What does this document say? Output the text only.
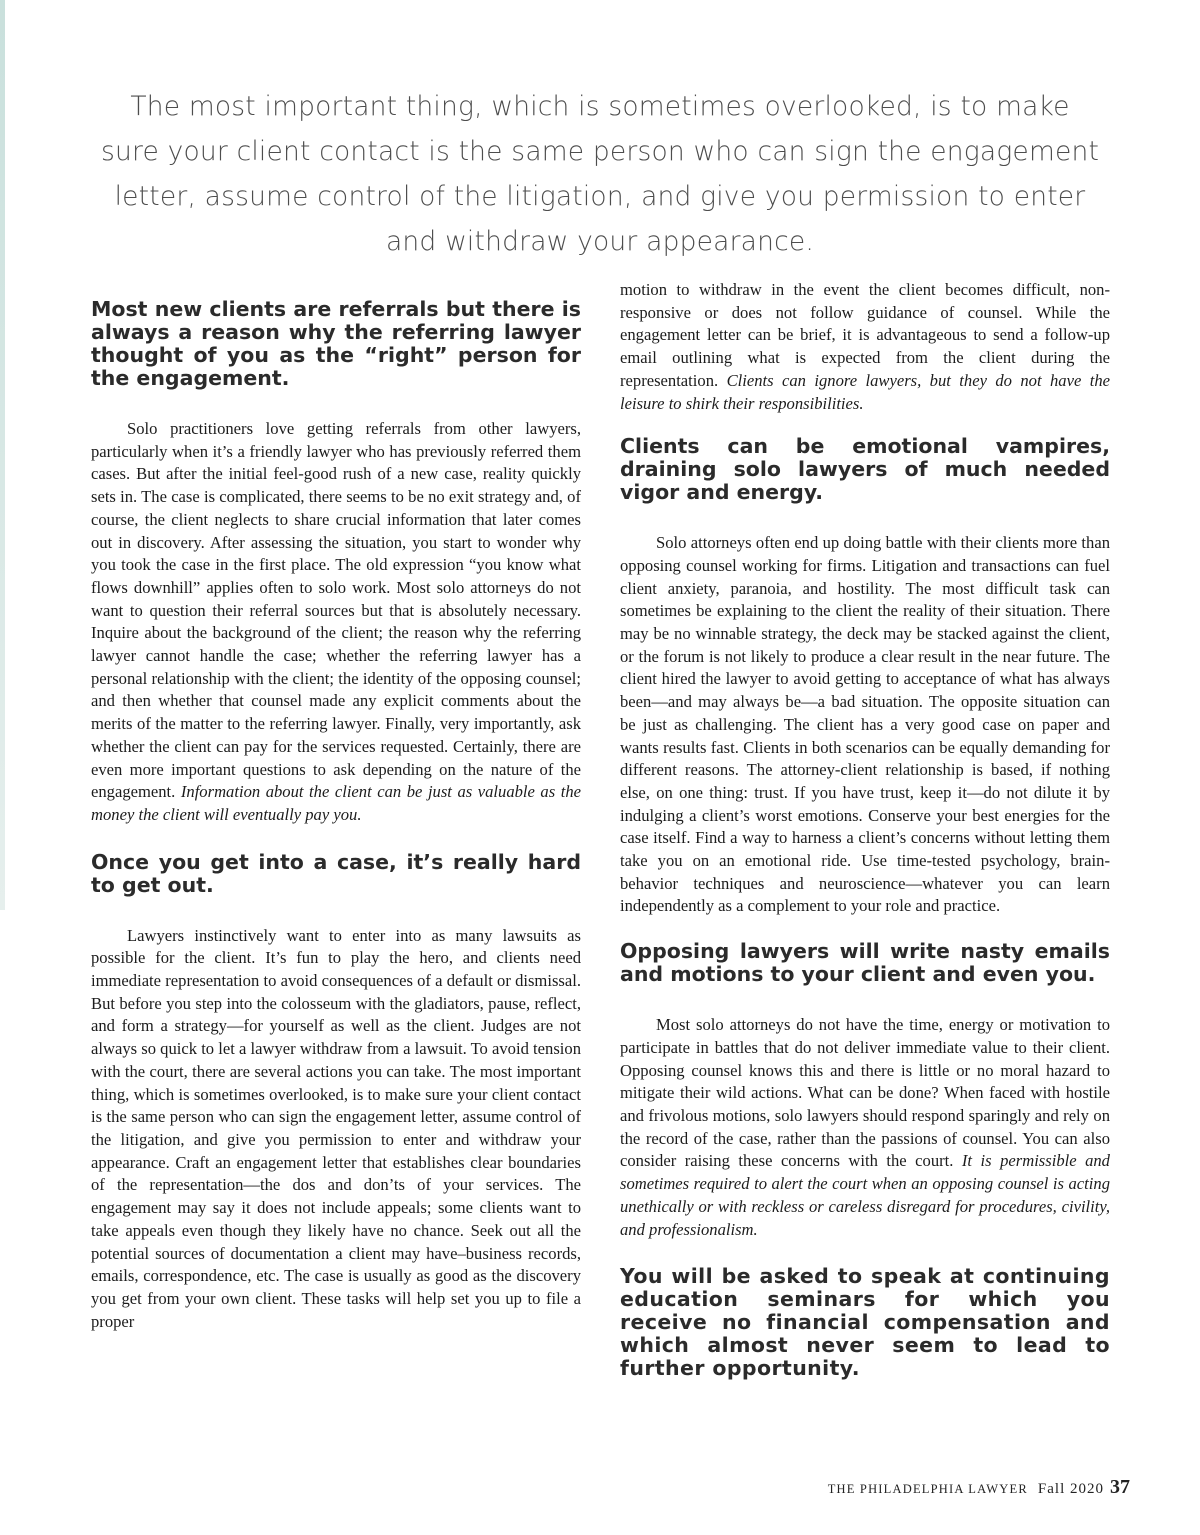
The most important thing, which is sometimes overlooked, is to make sure your client contact is the same person who can sign the engagement letter, assume control of the litigation, and give you permission to enter and withdraw your appearance.
Most new clients are referrals but there is always a reason why the referring lawyer thought of you as the “right” person for the engagement.

Solo practitioners love getting referrals from other lawyers, particularly when it’s a friendly lawyer who has previously referred them cases. But after the initial feel-good rush of a new case, reality quickly sets in. The case is complicated, there seems to be no exit strategy and, of course, the client neglects to share crucial information that later comes out in discovery. After assessing the situation, you start to wonder why you took the case in the first place. The old expression “you know what flows downhill” applies often to solo work. Most solo attorneys do not want to question their referral sources but that is absolutely necessary. Inquire about the background of the client; the reason why the referring lawyer cannot handle the case; whether the referring lawyer has a personal relationship with the client; the identity of the opposing counsel; and then whether that counsel made any explicit comments about the merits of the matter to the referring lawyer. Finally, very importantly, ask whether the client can pay for the services requested. Certainly, there are even more important questions to ask depending on the nature of the engagement. Information about the client can be just as valuable as the money the client will eventually pay you.

Once you get into a case, it’s really hard to get out.

Lawyers instinctively want to enter into as many lawsuits as possible for the client. It’s fun to play the hero, and clients need immediate representation to avoid consequences of a default or dismissal. But before you step into the colosseum with the gladiators, pause, reflect, and form a strategy—for yourself as well as the client. Judges are not always so quick to let a lawyer withdraw from a lawsuit. To avoid tension with the court, there are several actions you can take. The most important thing, which is sometimes overlooked, is to make sure your client contact is the same person who can sign the engagement letter, assume control of the litigation, and give you permission to enter and withdraw your appearance. Craft an engagement letter that establishes clear boundaries of the representation—the dos and don’ts of your services. The engagement may say it does not include appeals; some clients want to take appeals even though they likely have no chance. Seek out all the potential sources of documentation a client may have–business records, emails, correspondence, etc. The case is usually as good as the discovery you get from your own client. These tasks will help set you up to file a proper

motion to withdraw in the event the client becomes difficult, non-responsive or does not follow guidance of counsel. While the engagement letter can be brief, it is advantageous to send a follow-up email outlining what is expected from the client during the representation. Clients can ignore lawyers, but they do not have the leisure to shirk their responsibilities.

Clients can be emotional vampires, draining solo lawyers of much needed vigor and energy.

Solo attorneys often end up doing battle with their clients more than opposing counsel working for firms. Litigation and transactions can fuel client anxiety, paranoia, and hostility. The most difficult task can sometimes be explaining to the client the reality of their situation. There may be no winnable strategy, the deck may be stacked against the client, or the forum is not likely to produce a clear result in the near future. The client hired the lawyer to avoid getting to acceptance of what has always been—and may always be—a bad situation. The opposite situation can be just as challenging. The client has a very good case on paper and wants results fast. Clients in both scenarios can be equally demanding for different reasons. The attorney-client relationship is based, if nothing else, on one thing: trust. If you have trust, keep it—do not dilute it by indulging a client’s worst emotions. Conserve your best energies for the case itself. Find a way to harness a client’s concerns without letting them take you on an emotional ride. Use time-tested psychology, brain-behavior techniques and neuroscience—whatever you can learn independently as a complement to your role and practice.

Opposing lawyers will write nasty emails and motions to your client and even you.

Most solo attorneys do not have the time, energy or motivation to participate in battles that do not deliver immediate value to their client. Opposing counsel knows this and there is little or no moral hazard to mitigate their wild actions. What can be done? When faced with hostile and frivolous motions, solo lawyers should respond sparingly and rely on the record of the case, rather than the passions of counsel. You can also consider raising these concerns with the court. It is permissible and sometimes required to alert the court when an opposing counsel is acting unethically or with reckless or careless disregard for procedures, civility, and professionalism.

You will be asked to speak at continuing education seminars for which you receive no financial compensation and which almost never seem to lead to further opportunity.
THE PHILADELPHIA LAWYER Fall 2020 37
